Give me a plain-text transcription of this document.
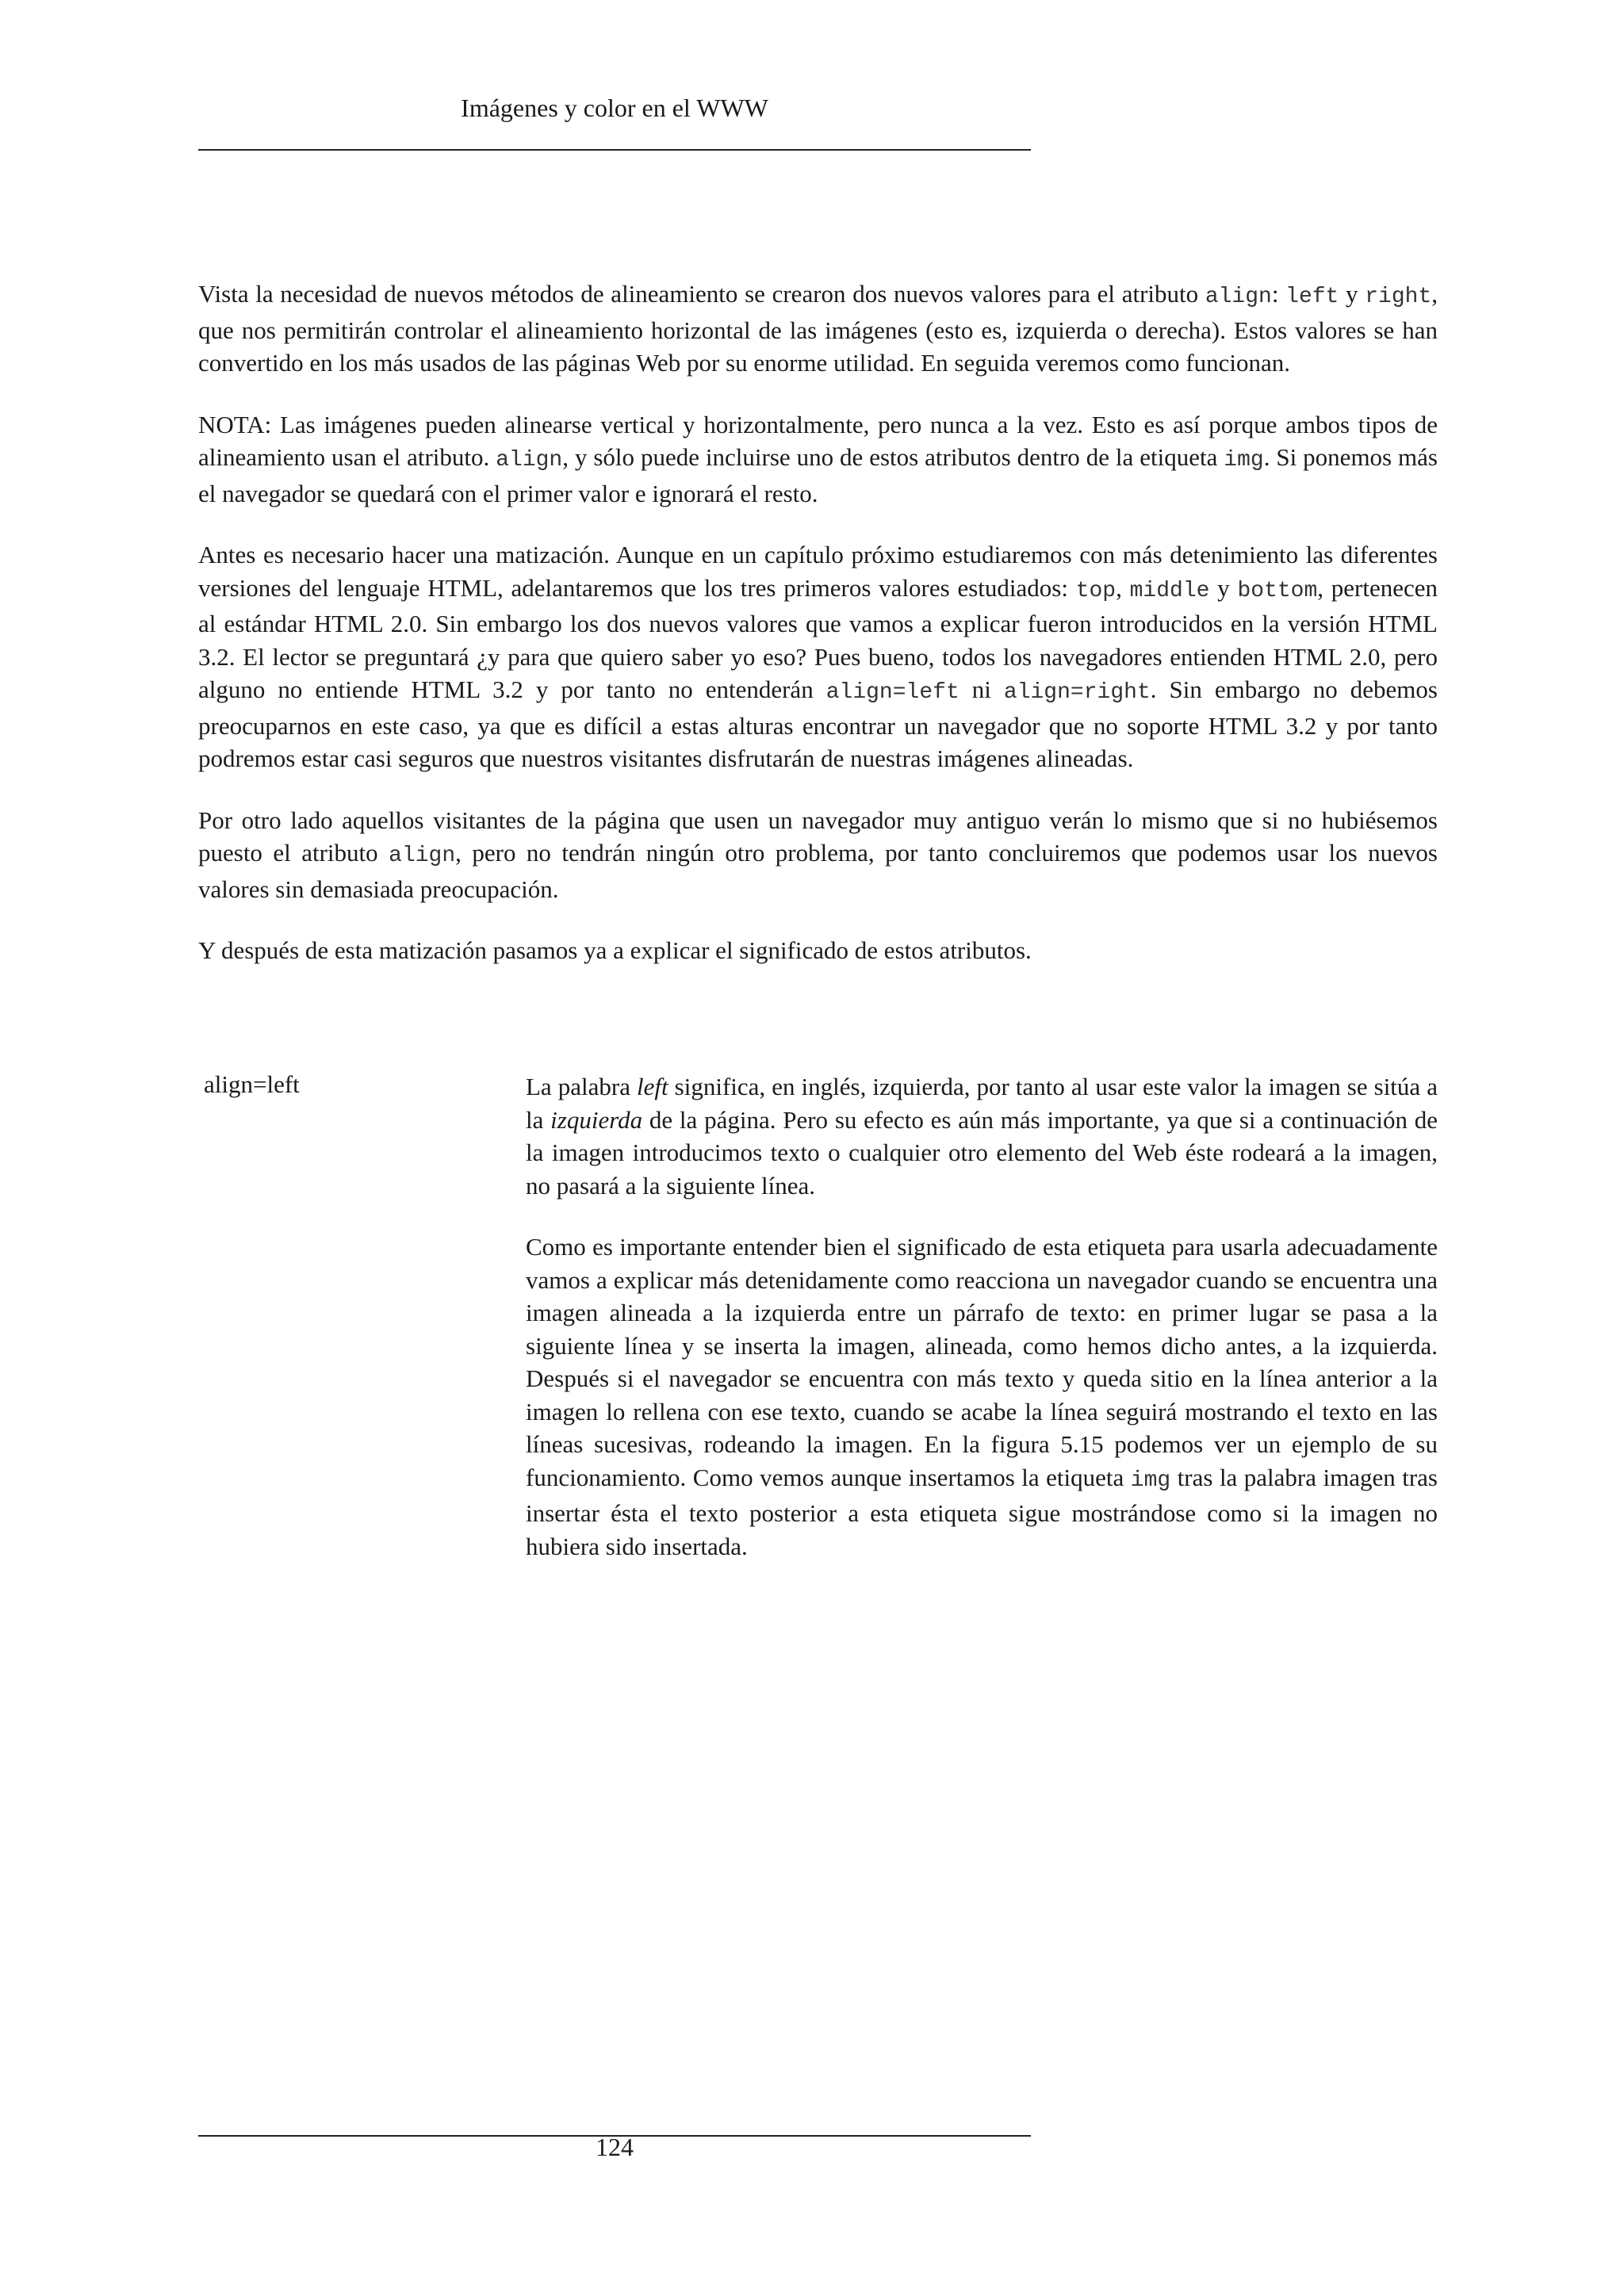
Imágenes y color en el WWW

Vista la necesidad de nuevos métodos de alineamiento se crearon dos nuevos valores para el atributo align: left y right, que nos permitirán controlar el alineamiento horizontal de las imágenes (esto es, izquierda o derecha). Estos valores se han convertido en los más usados de las páginas Web por su enorme utilidad. En seguida veremos como funcionan.

NOTA: Las imágenes pueden alinearse vertical y horizontalmente, pero nunca a la vez. Esto es así porque ambos tipos de alineamiento usan el atributo. align, y sólo puede incluirse uno de estos atributos dentro de la etiqueta img. Si ponemos más el navegador se quedará con el primer valor e ignorará el resto.

Antes es necesario hacer una matización. Aunque en un capítulo próximo estudiaremos con más detenimiento las diferentes versiones del lenguaje HTML, adelantaremos que los tres primeros valores estudiados: top, middle y bottom, pertenecen al estándar HTML 2.0. Sin embargo los dos nuevos valores que vamos a explicar fueron introducidos en la versión HTML 3.2. El lector se preguntará ¿y para que quiero saber yo eso? Pues bueno, todos los navegadores entienden HTML 2.0, pero alguno no entiende HTML 3.2 y por tanto no entenderán align=left ni align=right. Sin embargo no debemos preocuparnos en este caso, ya que es difícil a estas alturas encontrar un navegador que no soporte HTML 3.2 y por tanto podremos estar casi seguros que nuestros visitantes disfrutarán de nuestras imágenes alineadas.

Por otro lado aquellos visitantes de la página que usen un navegador muy antiguo verán lo mismo que si no hubiésemos puesto el atributo align, pero no tendrán ningún otro problema, por tanto concluiremos que podemos usar los nuevos valores sin demasiada preocupación.

Y después de esta matización pasamos ya a explicar el significado de estos atributos.

align=left	La palabra left significa, en inglés, izquierda, por tanto al usar este valor la imagen se sitúa a la izquierda de la página. Pero su efecto es aún más importante, ya que si a continuación de la imagen introducimos texto o cualquier otro elemento del Web éste rodeará a la imagen, no pasará a la siguiente línea.

Como es importante entender bien el significado de esta etiqueta para usarla adecuadamente vamos a explicar más detenidamente como reacciona un navegador cuando se encuentra una imagen alineada a la izquierda entre un párrafo de texto: en primer lugar se pasa a la siguiente línea y se inserta la imagen, alineada, como hemos dicho antes, a la izquierda. Después si el navegador se encuentra con más texto y queda sitio en la línea anterior a la imagen lo rellena con ese texto, cuando se acabe la línea seguirá mostrando el texto en las líneas sucesivas, rodeando la imagen. En la figura 5.15 podemos ver un ejemplo de su funcionamiento. Como vemos aunque insertamos la etiqueta img tras la palabra imagen tras insertar ésta el texto posterior a esta etiqueta sigue mostrándose como si la imagen no hubiera sido insertada.

124
